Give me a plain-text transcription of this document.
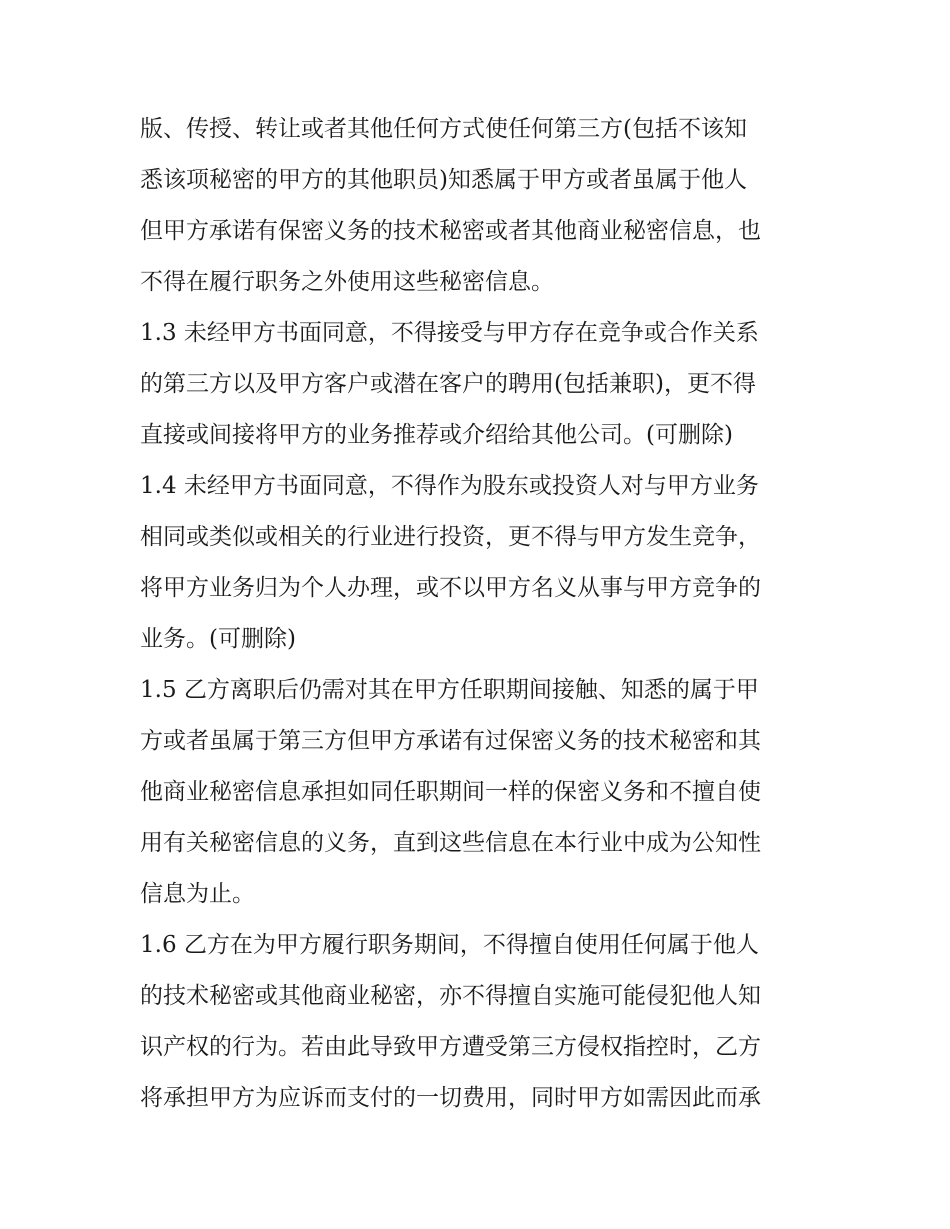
版、传授、转让或者其他任何方式使任何第三方(包括不该知
悉该项秘密的甲方的其他职员)知悉属于甲方或者虽属于他人
但甲方承诺有保密义务的技术秘密或者其他商业秘密信息，也
不得在履行职务之外使用这些秘密信息。
1.3 未经甲方书面同意，不得接受与甲方存在竞争或合作关系
的第三方以及甲方客户或潜在客户的聘用(包括兼职)，更不得
直接或间接将甲方的业务推荐或介绍给其他公司。(可删除)
1.4 未经甲方书面同意，不得作为股东或投资人对与甲方业务
相同或类似或相关的行业进行投资，更不得与甲方发生竞争，
将甲方业务归为个人办理，或不以甲方名义从事与甲方竞争的
业务。(可删除)
1.5 乙方离职后仍需对其在甲方任职期间接触、知悉的属于甲
方或者虽属于第三方但甲方承诺有过保密义务的技术秘密和其
他商业秘密信息承担如同任职期间一样的保密义务和不擅自使
用有关秘密信息的义务，直到这些信息在本行业中成为公知性
信息为止。
1.6 乙方在为甲方履行职务期间，不得擅自使用任何属于他人
的技术秘密或其他商业秘密，亦不得擅自实施可能侵犯他人知
识产权的行为。若由此导致甲方遭受第三方侵权指控时，乙方
将承担甲方为应诉而支付的一切费用，同时甲方如需因此而承
